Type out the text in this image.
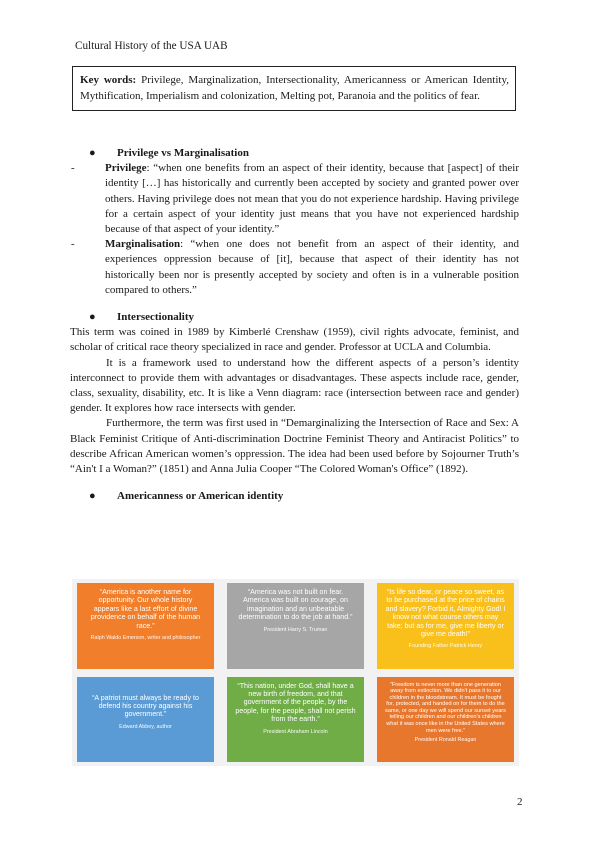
Cultural History of the USA UAB
Key words: Privilege, Marginalization, Intersectionality, Americanness or American Identity, Mythification, Imperialism and colonization, Melting pot, Paranoia and the politics of fear.
● Privilege vs Marginalisation
-	Privilege: “when one benefits from an aspect of their identity, because that [aspect] of their identity […] has historically and currently been accepted by society and granted power over others. Having privilege does not mean that you do not experience hardship. Having privilege for a certain aspect of your identity just means that you have not experienced hardship because of that aspect of your identity.”
-	Marginalisation: “when one does not benefit from an aspect of their identity, and experiences oppression because of [it], because that aspect of their identity has not historically been nor is presently accepted by society and often is in a vulnerable position compared to others.”
● Intersectionality
This term was coined in 1989 by Kimberlé Crenshaw (1959), civil rights advocate, feminist, and scholar of critical race theory specialized in race and gender. Professor at UCLA and Columbia.
It is a framework used to understand how the different aspects of a person’s identity interconnect to provide them with advantages or disadvantages. These aspects include race, gender, class, sexuality, disability, etc. It is like a Venn diagram: race (intersection between race and gender) gender. It explores how race intersects with gender.
Furthermore, the term was first used in “Demarginalizing the Intersection of Race and Sex: A Black Feminist Critique of Anti-discrimination Doctrine Feminist Theory and Antiracist Politics” to describe African American women’s oppression. The idea had been used before by Sojourner Truth’s “Ain't I a Woman?” (1851) and Anna Julia Cooper “The Colored Woman's Office” (1892).
● Americanness or American identity
“America is another name for opportunity. Our whole history appears like a last effort of divine providence on behalf of the human race.”
Ralph Waldo Emerson, writer and philosopher
“America was not built on fear. America was built on courage, on imagination and an unbeatable determination to do the job at hand.”
President Harry S. Truman
“Is life so dear, or peace so sweet, as to be purchased at the price of chains and slavery? Forbid it, Almighty God! I know not what course others may take; but as for me, give me liberty or give me death!”
Founding Father Patrick Henry
“A patriot must always be ready to defend his country against his government.”
Edward Abbey, author
“This nation, under God, shall have a new birth of freedom, and that government of the people, by the people, for the people, shall not perish from the earth.”
President Abraham Lincoln
“Freedom is never more than one generation away from extinction. We didn't pass it to our children in the bloodstream. It must be fought for, protected, and handed on for them to do the same, or one day we will spend our sunset years telling our children and our children's children what it was once like in the United States where men were free.”
President Ronald Reagan
2
